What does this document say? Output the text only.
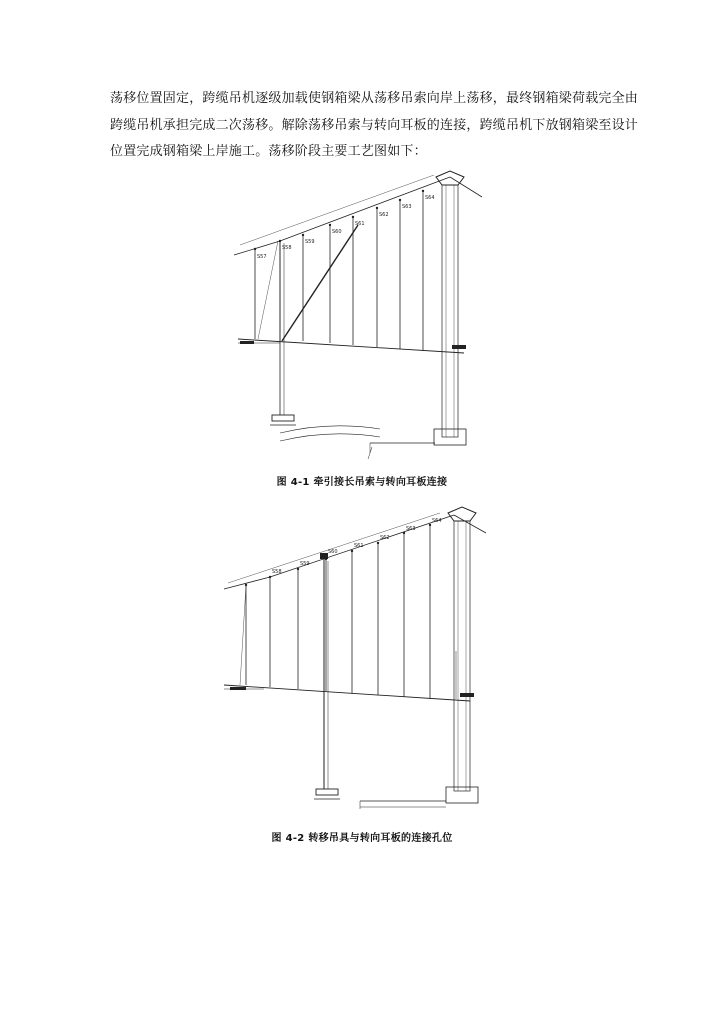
荡移位置固定，跨缆吊机逐级加载使钢箱梁从荡移吊索向岸上荡移，最终钢箱梁荷载完全由

跨缆吊机承担完成二次荡移。解除荡移吊索与转向耳板的连接，跨缆吊机下放钢箱梁至设计

位置完成钢箱梁上岸施工。荡移阶段主要工艺图如下：

S57
S58
S59
S60
S61
S62
S63
S64
图 4-1 牵引接长吊索与转向耳板连接
S58
S59
S60
S61
S62
S63
S64
图 4-2 转移吊具与转向耳板的连接孔位
